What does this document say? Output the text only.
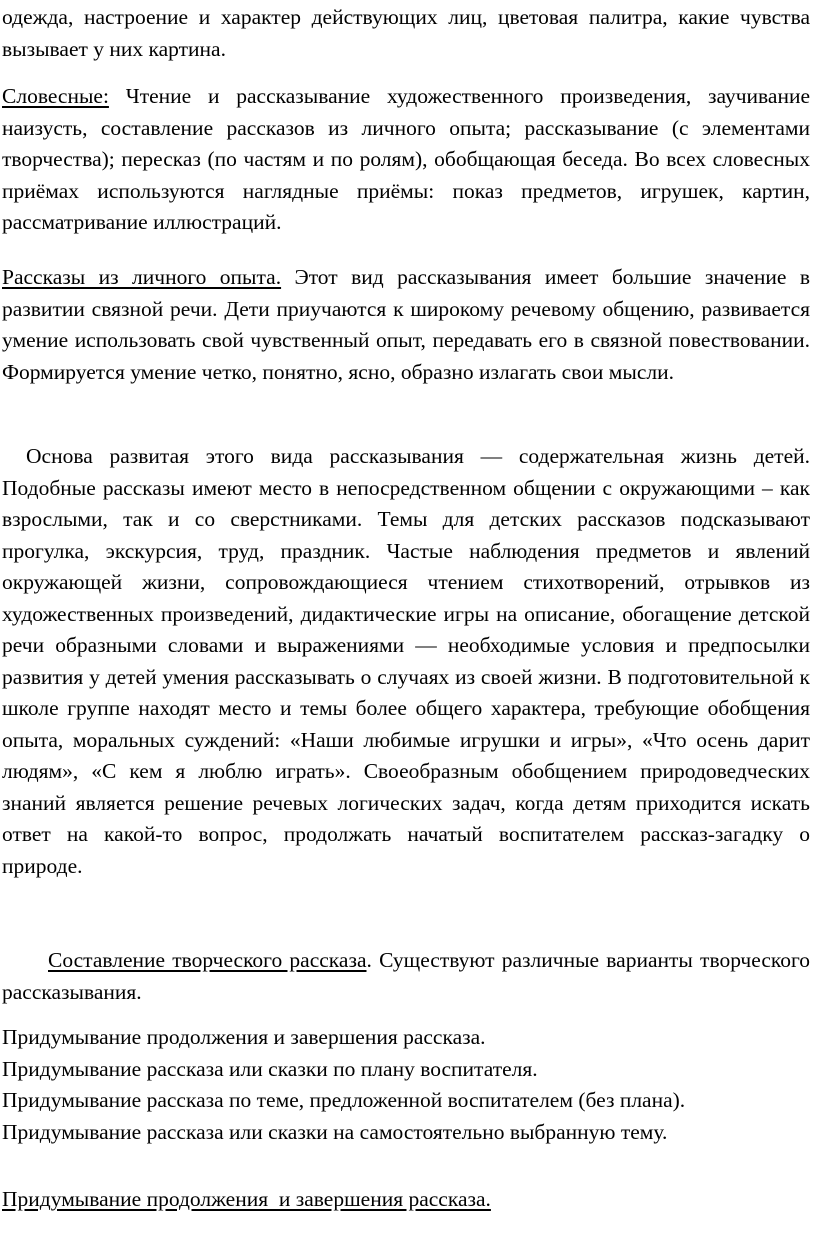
одежда, настроение и характер действующих лиц, цветовая палитра, какие чувства вызывает у них картина.

Словесные: Чтение и рассказывание художественного произведения, заучивание наизусть, составление рассказов из личного опыта; рассказывание (с элементами творчества); пересказ (по частям и по ролям), обобщающая беседа. Во всех словесных приёмах используются наглядные приёмы: показ предметов, игрушек, картин, рассматривание иллюстраций.

Рассказы из личного опыта. Этот вид рассказывания имеет большие значение в развитии связной речи. Дети приучаются к широкому речевому общению, развивается умение использовать свой чувственный опыт, передавать его в связной повествовании. Формируется умение четко, понятно, ясно, образно излагать свои мысли.

Основа развитая этого вида рассказывания — содержательная жизнь детей. Подобные рассказы имеют место в непосредственном общении с окружающими – как взрослыми, так и со сверстниками. Темы для детских рассказов подсказывают прогулка, экскурсия, труд, праздник. Частые наблюдения предметов и явлений окружающей жизни, сопровождающиеся чтением стихотворений, отрывков из художественных произведений, дидактические игры на описание, обогащение детской речи образными словами и выражениями — необходимые условия и предпосылки развития у детей умения рассказывать о случаях из своей жизни. В подготовительной к школе группе находят место и темы более общего характера, требующие обобщения опыта, моральных суждений: «Наши любимые игрушки и игры», «Что осень дарит людям», «С кем я люблю играть». Своеобразным обобщением природоведческих знаний является решение речевых логических задач, когда детям приходится искать ответ на какой-то вопрос, продолжать начатый воспитателем рассказ-загадку о природе.

Составление творческого рассказа. Существуют различные варианты творческого рассказывания.

Придумывание продолжения и завершения рассказа.
Придумывание рассказа или сказки по плану воспитателя.
Придумывание рассказа по теме, предложенной воспитателем (без плана).
Придумывание рассказа или сказки на самостоятельно выбранную тему.
Придумывание продолжения  и завершения рассказа.
